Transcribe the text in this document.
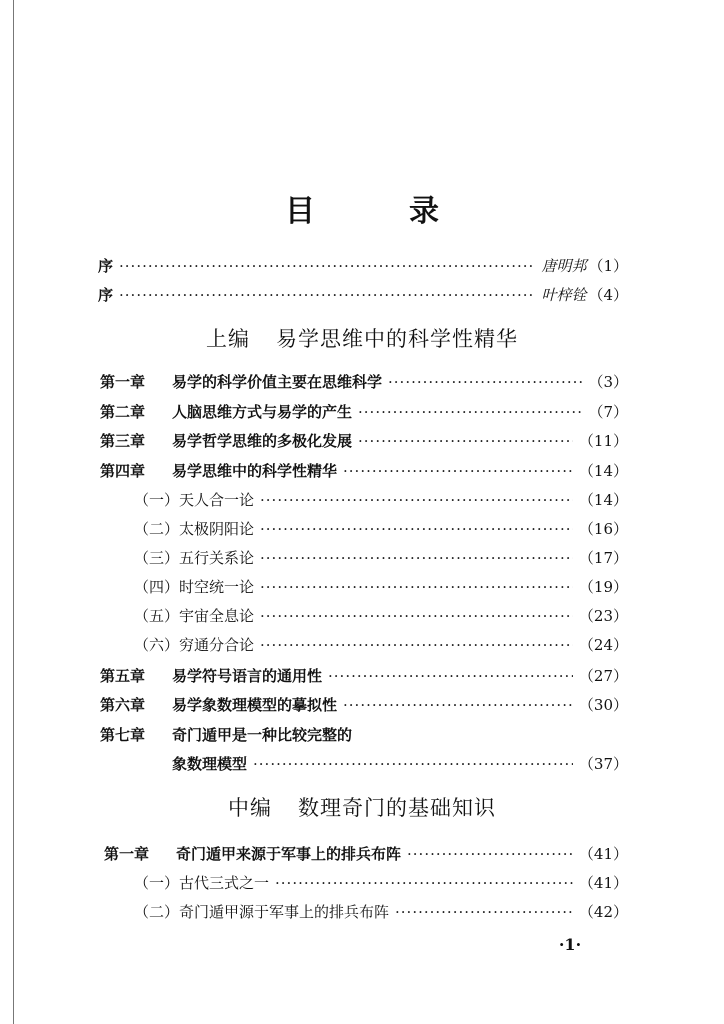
目　录
序 ·····	唐明邦 （1）
序 ·····	叶梓铨 （4）
上编 易学思维中的科学性精华
第一章 易学的科学价值主要在思维科学 ·····	（3）
第二章 人脑思维方式与易学的产生 ·····	（7）
第三章 易学哲学思维的多极化发展 ·····	（11）
第四章 易学思维中的科学性精华 ·····	（14）
（一）天人合一论 ·····	（14）
（二）太极阴阳论 ·····	（16）
（三）五行关系论 ·····	（17）
（四）时空统一论 ·····	（19）
（五）宇宙全息论 ·····	（23）
（六）穷通分合论 ·····	（24）
第五章 易学符号语言的通用性 ·····	（27）
第六章 易学象数理模型的摹拟性 ·····	（30）
第七章 奇门遁甲是一种比较完整的
象数理模型 ·····	（37）
中编 数理奇门的基础知识
第一章 奇门遁甲来源于军事上的排兵布阵 ·····	（41）
（一）古代三式之一 ·····	（41）
（二）奇门遁甲源于军事上的排兵布阵 ·····	（42）
·1·
